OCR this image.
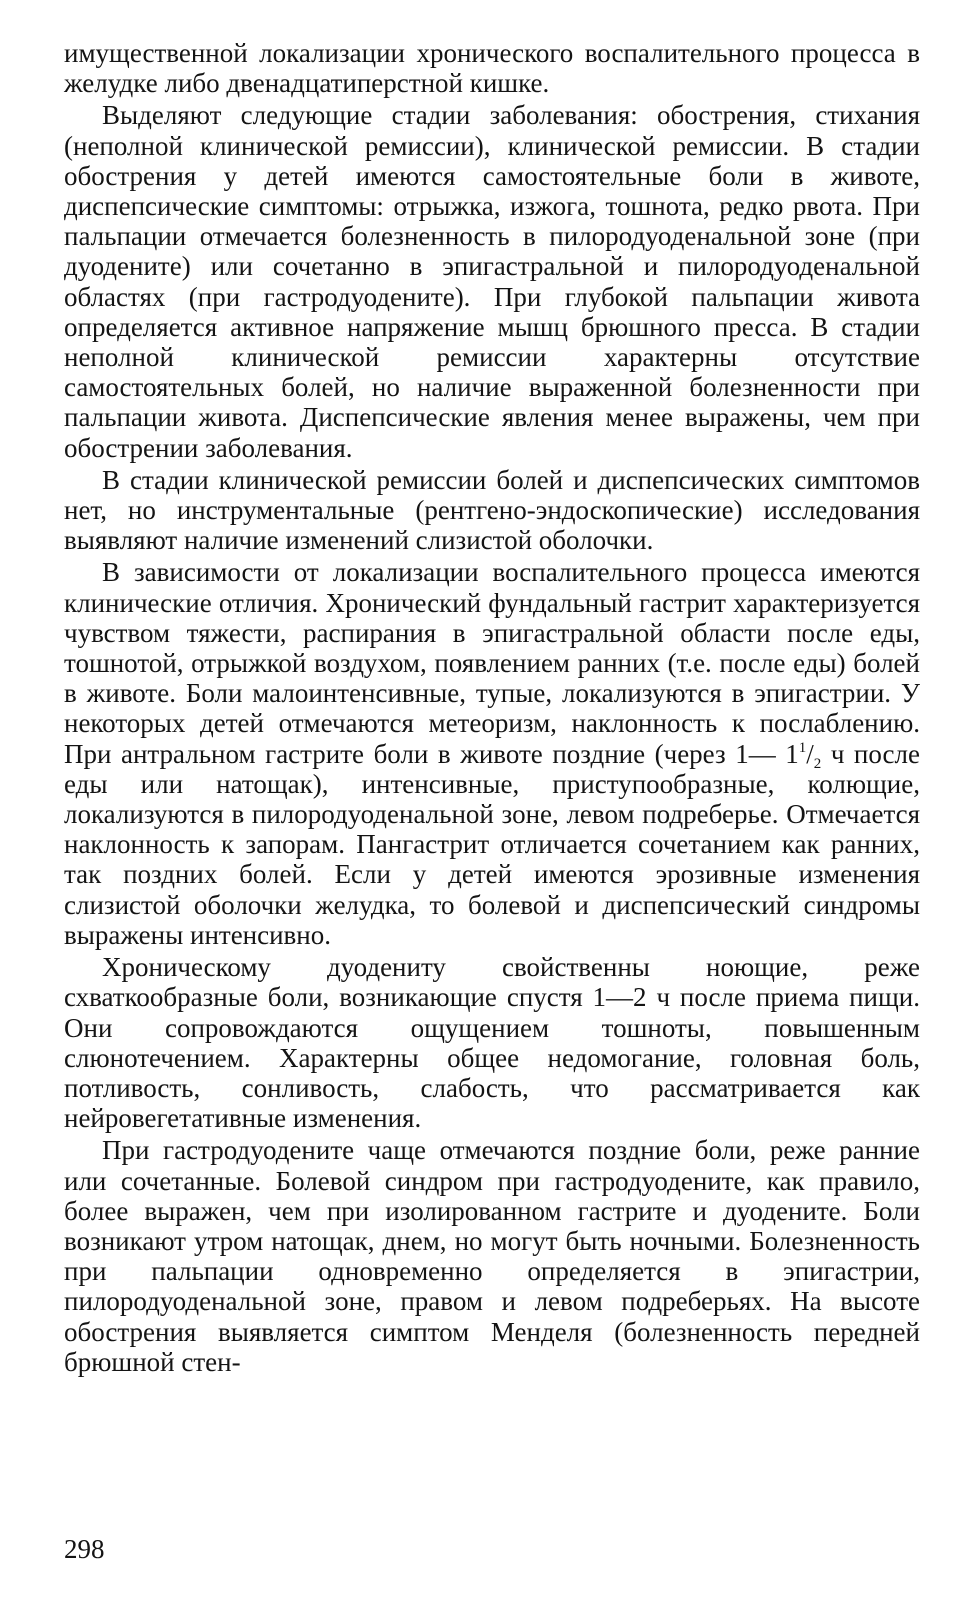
имущественной локализации хронического воспалительного процесса в желудке либо двенадцатиперстной кишке.

Выделяют следующие стадии заболевания: обострения, стихания (неполной клинической ремиссии), клинической ремиссии. В стадии обострения у детей имеются самостоятельные боли в животе, диспепсические симптомы: отрыжка, изжога, тошнота, редко рвота. При пальпации отмечается болезненность в пилородуоденальной зоне (при дуодените) или сочетанно в эпигастральной и пилородуоденальной областях (при гастродуодените). При глубокой пальпации живота определяется активное напряжение мышц брюшного пресса. В стадии неполной клинической ремиссии характерны отсутствие самостоятельных болей, но наличие выраженной болезненности при пальпации живота. Диспепсические явления менее выражены, чем при обострении заболевания.

В стадии клинической ремиссии болей и диспепсических симптомов нет, но инструментальные (рентгено-эндоскопические) исследования выявляют наличие изменений слизистой оболочки.

В зависимости от локализации воспалительного процесса имеются клинические отличия. Хронический фундальный гастрит характеризуется чувством тяжести, распирания в эпигастральной области после еды, тошнотой, отрыжкой воздухом, появлением ранних (т.е. после еды) болей в животе. Боли малоинтенсивные, тупые, локализуются в эпигастрии. У некоторых детей отмечаются метеоризм, наклонность к послаблению. При антральном гастрите боли в животе поздние (через 1— $1^1/_2$ ч после еды или натощак), интенсивные, приступообразные, колющие, локализуются в пилородуоденальной зоне, левом подреберье. Отмечается наклонность к запорам. Пангастрит отличается сочетанием как ранних, так поздних болей. Если у детей имеются эрозивные изменения слизистой оболочки желудка, то болевой и диспепсический синдромы выражены интенсивно.

Хроническому дуодениту свойственны ноющие, реже схваткообразные боли, возникающие спустя 1—2 ч после приема пищи. Они сопровождаются ощущением тошноты, повышенным слюнотечением. Характерны общее недомогание, головная боль, потливость, сонливость, слабость, что рассматривается как нейровегетативные изменения.

При гастродуодените чаще отмечаются поздние боли, реже ранние или сочетанные. Болевой синдром при гастродуодените, как правило, более выражен, чем при изолированном гастрите и дуодените. Боли возникают утром натощак, днем, но могут быть ночными. Болезненность при пальпации одновременно определяется в эпигастрии, пилородуоденальной зоне, правом и левом подреберьях. На высоте обострения выявляется симптом Менделя (болезненность передней брюшной стен-

298
